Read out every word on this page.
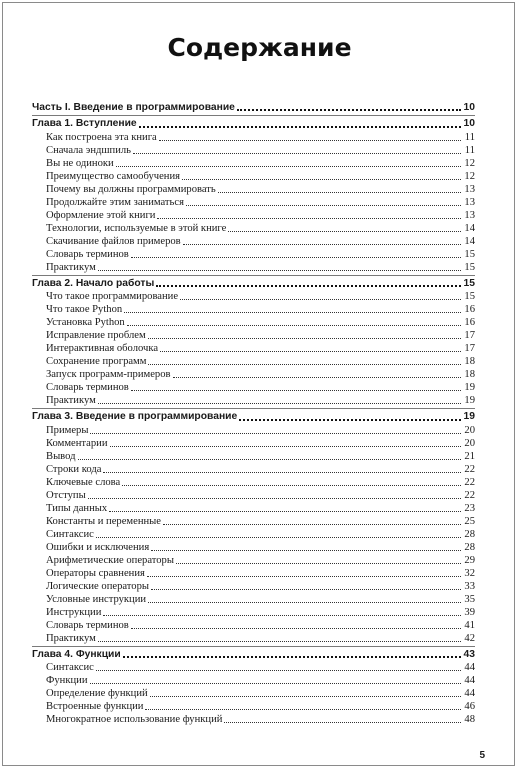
Содержание
Часть I. Введение в программирование	10
Глава 1. Вступление	10
Как построена эта книга	11
Сначала эндшпиль	11
Вы не одиноки	12
Преимущество самообучения	12
Почему вы должны программировать	13
Продолжайте этим заниматься	13
Оформление этой книги	13
Технологии, используемые в этой книге	14
Скачивание файлов примеров	14
Словарь терминов	15
Практикум	15
Глава 2. Начало работы	15
Что такое программирование	15
Что такое Python	16
Установка Python	16
Исправление проблем	17
Интерактивная оболочка	17
Сохранение программ	18
Запуск программ-примеров	18
Словарь терминов	19
Практикум	19
Глава 3. Введение в программирование	19
Примеры	20
Комментарии	20
Вывод	21
Строки кода	22
Ключевые слова	22
Отступы	22
Типы данных	23
Константы и переменные	25
Синтаксис	28
Ошибки и исключения	28
Арифметические операторы	29
Операторы сравнения	32
Логические операторы	33
Условные инструкции	35
Инструкции	39
Словарь терминов	41
Практикум	42
Глава 4. Функции	43
Синтаксис	44
Функции	44
Определение функций	44
Встроенные функции	46
Многократное использование функций	48
5
